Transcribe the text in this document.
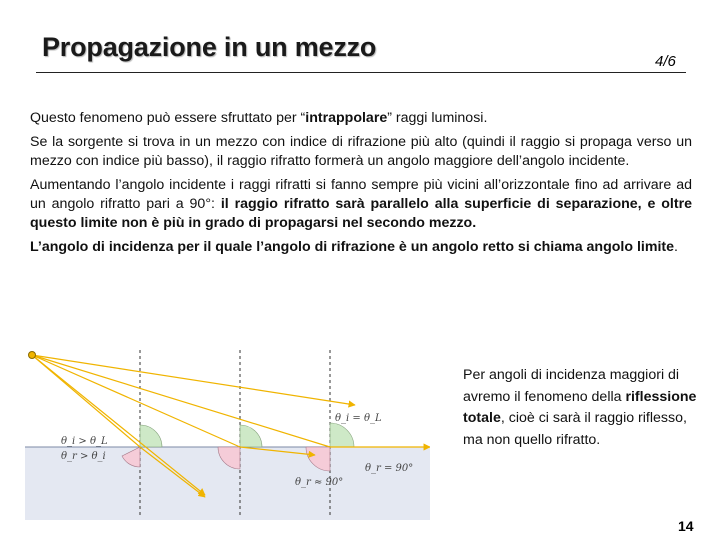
Propagazione in un mezzo	4/6

Questo fenomeno può essere sfruttato per “intrappolare” raggi luminosi.

Se la sorgente si trova in un mezzo con indice di rifrazione più alto (quindi il raggio si propaga verso un mezzo con indice più basso), il raggio rifratto formerà un angolo maggiore dell’angolo incidente.

Aumentando l’angolo incidente i raggi rifratti si fanno sempre più vicini all’orizzontale fino ad arrivare ad un angolo rifratto pari a 90°: il raggio rifratto sarà parallelo alla superficie di separazione, e oltre questo limite non è più in grado di propagarsi nel secondo mezzo.

L’angolo di incidenza per il quale l’angolo di rifrazione è un angolo retto si chiama angolo limite.

θ_i > θ_L
θ_r > θ_i
θ_i = θ_L
θ_r = 90°
θ_r ≈ 90°
Per angoli di incidenza maggiori di avremo il fenomeno della riflessione totale, cioè ci sarà il raggio riflesso, ma non quello rifratto.
14
